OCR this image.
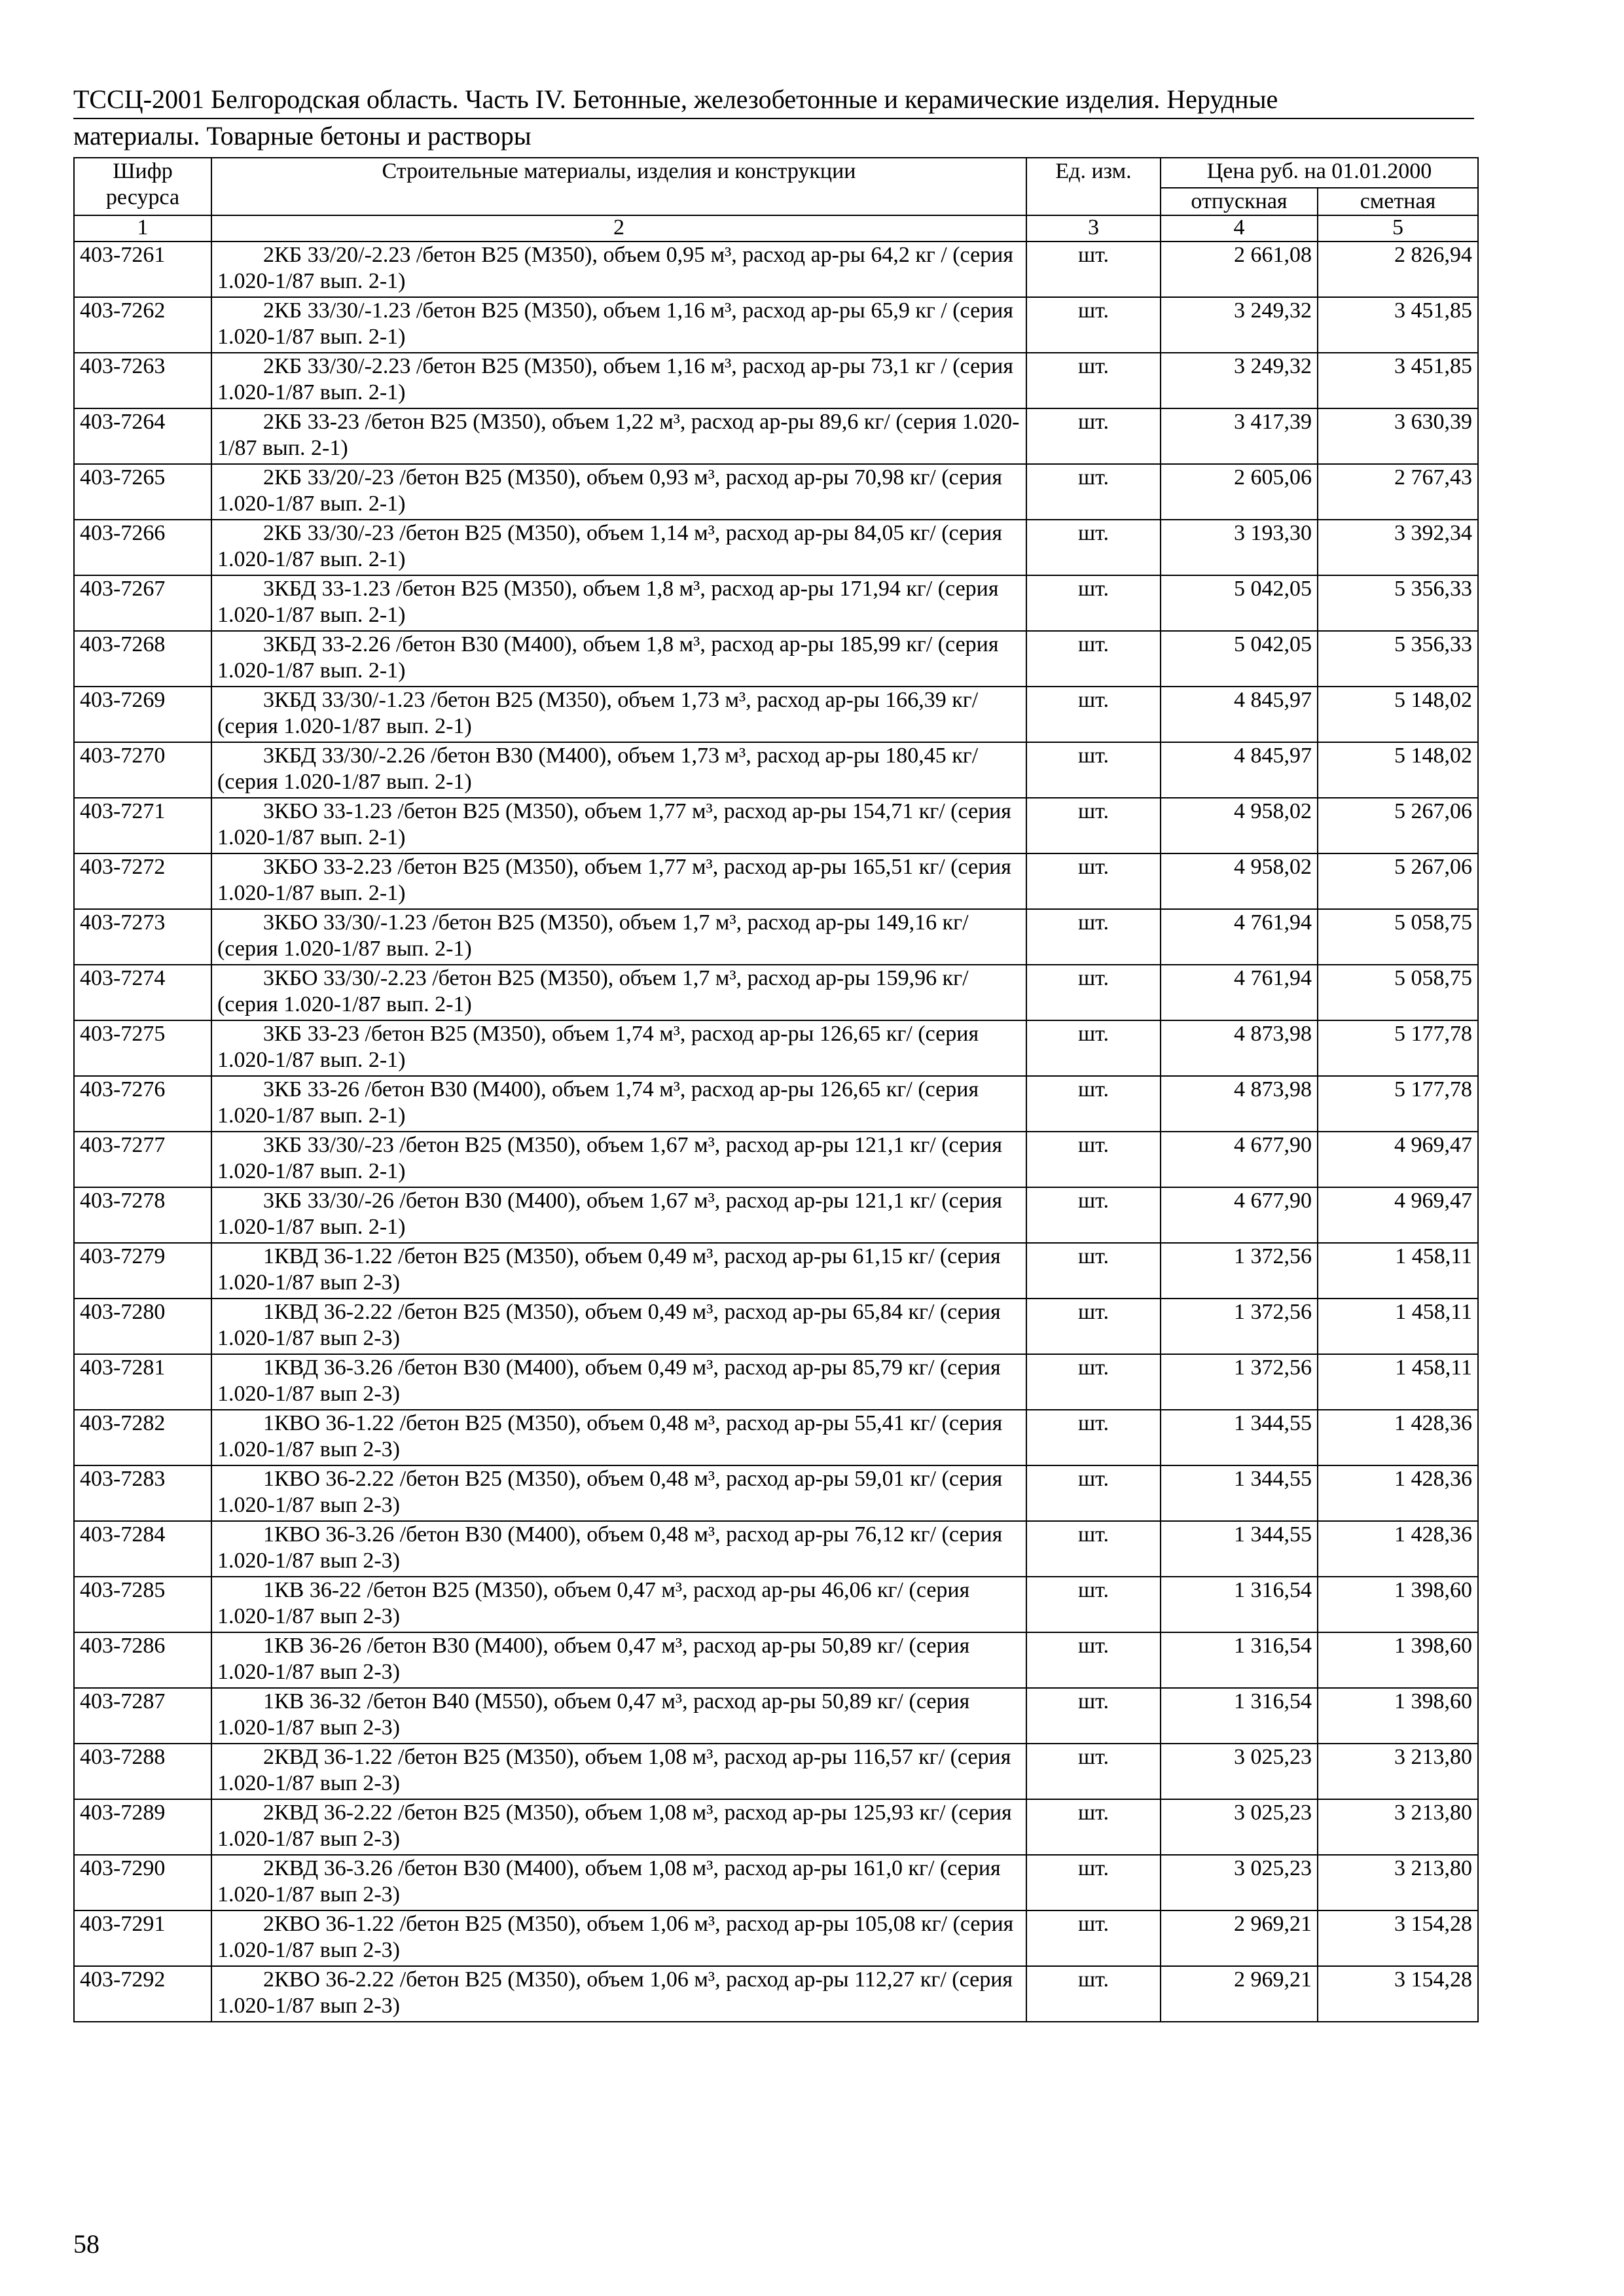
ТССЦ-2001 Белгородская область. Часть IV. Бетонные, железобетонные и керамические изделия. Нерудные
материалы. Товарные бетоны и растворы
Шифр ресурса	Строительные материалы, изделия и конструкции	Ед. изм.	Цена руб. на 01.01.2000	
			отпускная	сметная
1	2	3	4	5
403-7261	2КБ 33/20/-2.23 /бетон В25 (М350), объем 0,95 м³, расход ар-ры 64,2 кг / (серия 1.020-1/87 вып. 2-1)	шт.	2 661,08	2 826,94
403-7262	2КБ 33/30/-1.23 /бетон В25 (М350), объем 1,16 м³, расход ар-ры 65,9 кг / (серия 1.020-1/87 вып. 2-1)	шт.	3 249,32	3 451,85
403-7263	2КБ 33/30/-2.23 /бетон В25 (М350), объем 1,16 м³, расход ар-ры 73,1 кг / (серия 1.020-1/87 вып. 2-1)	шт.	3 249,32	3 451,85
403-7264	2КБ 33-23 /бетон В25 (М350), объем 1,22 м³, расход ар-ры 89,6 кг/ (серия 1.020-1/87 вып. 2-1)	шт.	3 417,39	3 630,39
403-7265	2КБ 33/20/-23 /бетон В25 (М350), объем 0,93 м³, расход ар-ры 70,98 кг/ (серия 1.020-1/87 вып. 2-1)	шт.	2 605,06	2 767,43
403-7266	2КБ 33/30/-23 /бетон В25 (М350), объем 1,14 м³, расход ар-ры 84,05 кг/ (серия 1.020-1/87 вып. 2-1)	шт.	3 193,30	3 392,34
403-7267	3КБД 33-1.23 /бетон В25 (М350), объем 1,8 м³, расход ар-ры 171,94 кг/ (серия 1.020-1/87 вып. 2-1)	шт.	5 042,05	5 356,33
403-7268	3КБД 33-2.26 /бетон В30 (М400), объем 1,8 м³, расход ар-ры 185,99 кг/ (серия 1.020-1/87 вып. 2-1)	шт.	5 042,05	5 356,33
403-7269	3КБД 33/30/-1.23 /бетон В25 (М350), объем 1,73 м³, расход ар-ры 166,39 кг/ (серия 1.020-1/87 вып. 2-1)	шт.	4 845,97	5 148,02
403-7270	3КБД 33/30/-2.26 /бетон В30 (М400), объем 1,73 м³, расход ар-ры 180,45 кг/ (серия 1.020-1/87 вып. 2-1)	шт.	4 845,97	5 148,02
403-7271	3КБО 33-1.23 /бетон В25 (М350), объем 1,77 м³, расход ар-ры 154,71 кг/ (серия 1.020-1/87 вып. 2-1)	шт.	4 958,02	5 267,06
403-7272	3КБО 33-2.23 /бетон В25 (М350), объем 1,77 м³, расход ар-ры 165,51 кг/ (серия 1.020-1/87 вып. 2-1)	шт.	4 958,02	5 267,06
403-7273	3КБО 33/30/-1.23 /бетон В25 (М350), объем 1,7 м³, расход ар-ры 149,16 кг/ (серия 1.020-1/87 вып. 2-1)	шт.	4 761,94	5 058,75
403-7274	3КБО 33/30/-2.23 /бетон В25 (М350), объем 1,7 м³, расход ар-ры 159,96 кг/ (серия 1.020-1/87 вып. 2-1)	шт.	4 761,94	5 058,75
403-7275	3КБ 33-23 /бетон В25 (М350), объем 1,74 м³, расход ар-ры 126,65 кг/ (серия 1.020-1/87 вып. 2-1)	шт.	4 873,98	5 177,78
403-7276	3КБ 33-26 /бетон В30 (М400), объем 1,74 м³, расход ар-ры 126,65 кг/ (серия 1.020-1/87 вып. 2-1)	шт.	4 873,98	5 177,78
403-7277	3КБ 33/30/-23 /бетон В25 (М350), объем 1,67 м³, расход ар-ры 121,1 кг/ (серия 1.020-1/87 вып. 2-1)	шт.	4 677,90	4 969,47
403-7278	3КБ 33/30/-26 /бетон В30 (М400), объем 1,67 м³, расход ар-ры 121,1 кг/ (серия 1.020-1/87 вып. 2-1)	шт.	4 677,90	4 969,47
403-7279	1КВД 36-1.22 /бетон В25 (М350), объем 0,49 м³, расход ар-ры 61,15 кг/ (серия 1.020-1/87 вып 2-3)	шт.	1 372,56	1 458,11
403-7280	1КВД 36-2.22 /бетон В25 (М350), объем 0,49 м³, расход ар-ры 65,84 кг/ (серия 1.020-1/87 вып 2-3)	шт.	1 372,56	1 458,11
403-7281	1КВД 36-3.26 /бетон В30 (М400), объем 0,49 м³, расход ар-ры 85,79 кг/ (серия 1.020-1/87 вып 2-3)	шт.	1 372,56	1 458,11
403-7282	1КВО 36-1.22 /бетон В25 (М350), объем 0,48 м³, расход ар-ры 55,41 кг/ (серия 1.020-1/87 вып 2-3)	шт.	1 344,55	1 428,36
403-7283	1КВО 36-2.22 /бетон В25 (М350), объем 0,48 м³, расход ар-ры 59,01 кг/ (серия 1.020-1/87 вып 2-3)	шт.	1 344,55	1 428,36
403-7284	1КВО 36-3.26 /бетон В30 (М400), объем 0,48 м³, расход ар-ры 76,12 кг/ (серия 1.020-1/87 вып 2-3)	шт.	1 344,55	1 428,36
403-7285	1КВ 36-22 /бетон В25 (М350), объем 0,47 м³, расход ар-ры 46,06 кг/ (серия 1.020-1/87 вып 2-3)	шт.	1 316,54	1 398,60
403-7286	1КВ 36-26 /бетон В30 (М400), объем 0,47 м³, расход ар-ры 50,89 кг/ (серия 1.020-1/87 вып 2-3)	шт.	1 316,54	1 398,60
403-7287	1КВ 36-32 /бетон В40 (М550), объем 0,47 м³, расход ар-ры 50,89 кг/ (серия 1.020-1/87 вып 2-3)	шт.	1 316,54	1 398,60
403-7288	2КВД 36-1.22 /бетон В25 (М350), объем 1,08 м³, расход ар-ры 116,57 кг/ (серия 1.020-1/87 вып 2-3)	шт.	3 025,23	3 213,80
403-7289	2КВД 36-2.22 /бетон В25 (М350), объем 1,08 м³, расход ар-ры 125,93 кг/ (серия 1.020-1/87 вып 2-3)	шт.	3 025,23	3 213,80
403-7290	2КВД 36-3.26 /бетон В30 (М400), объем 1,08 м³, расход ар-ры 161,0 кг/ (серия 1.020-1/87 вып 2-3)	шт.	3 025,23	3 213,80
403-7291	2КВО 36-1.22 /бетон В25 (М350), объем 1,06 м³, расход ар-ры 105,08 кг/ (серия 1.020-1/87 вып 2-3)	шт.	2 969,21	3 154,28
403-7292	2КВО 36-2.22 /бетон В25 (М350), объем 1,06 м³, расход ар-ры 112,27 кг/ (серия 1.020-1/87 вып 2-3)	шт.	2 969,21	3 154,28
58
